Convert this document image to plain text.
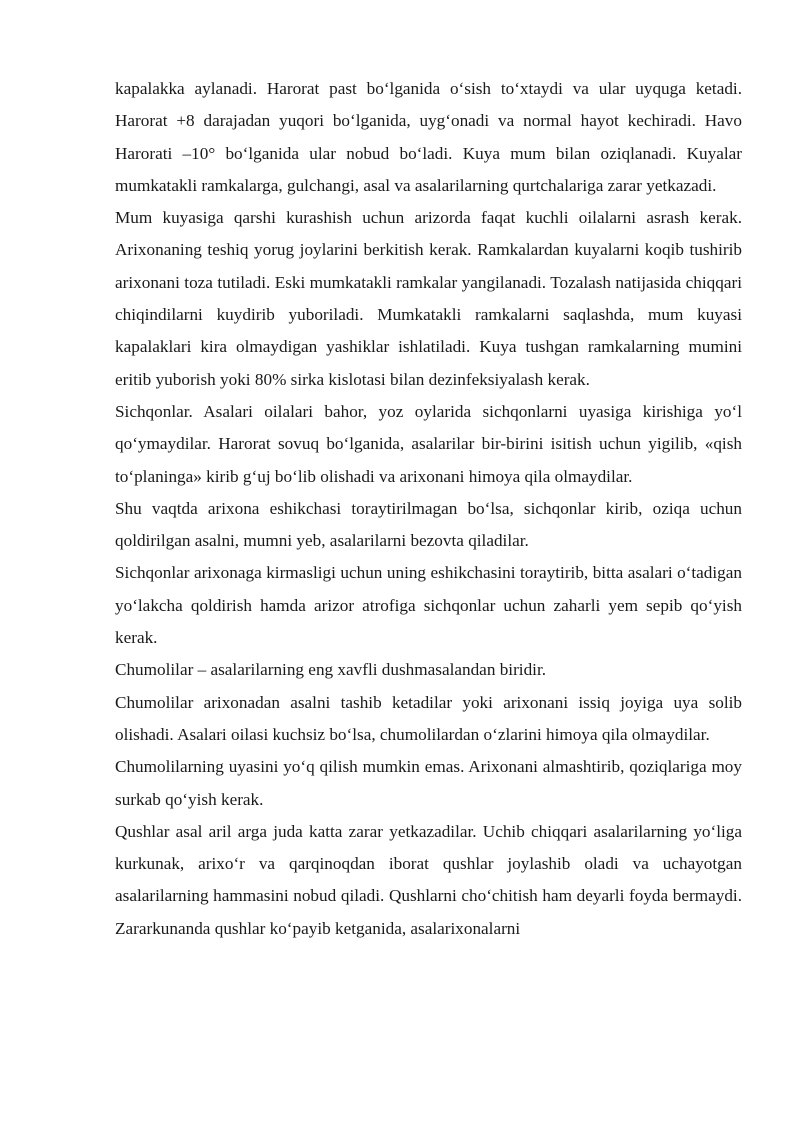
kapalakka aylanadi. Harorat past bo‘lganida o‘sish to‘xtaydi va ular uyquga ketadi. Harorat +8 darajadan yuqori bo‘lganida, uyg‘onadi va normal hayot kechiradi. Havo Harorati –10° bo‘lganida ular nobud bo‘ladi. Kuya mum bilan oziqlanadi. Kuyalar mumkatakli ramkalarga, gulchangi, asal va asalarilarning qurtchalariga zarar yetkazadi.

Mum kuyasiga qarshi kurashish uchun arizorda faqat kuchli oilalarni asrash kerak. Arixonaning teshiq yorug joylarini berkitish kerak. Ramkalardan kuyalarni koqib tushirib arixonani toza tutiladi. Eski mumkatakli ramkalar yangilanadi. Tozalash natijasida chiqqari chiqindilarni kuydirib yuboriladi. Mumkatakli ramkalarni saqlashda, mum kuyasi kapalaklari kira olmaydigan yashiklar ishlatiladi. Kuya tushgan ramkalarning mumini eritib yuborish yoki 80% sirka kislotasi bilan dezinfeksiyalash kerak.

Sichqonlar. Asalari oilalari bahor, yoz oylarida sichqonlarni uyasiga kirishiga yo‘l qo‘ymaydilar. Harorat sovuq bo‘lganida, asalarilar bir-birini isitish uchun yigilib, «qish to‘planinga» kirib g‘uj bo‘lib olishadi va arixonani himoya qila olmaydilar.

Shu vaqtda arixona eshikchasi toraytirilmagan bo‘lsa, sichqonlar kirib, oziqa uchun qoldirilgan asalni, mumni yeb, asalarilarni bezovta qiladilar.

Sichqonlar arixonaga kirmasligi uchun uning eshikchasini toraytirib, bitta asalari o‘tadigan yo‘lakcha qoldirish hamda arizor atrofiga sichqonlar uchun zaharli yem sepib qo‘yish kerak.

Chumolilar – asalarilarning eng xavfli dushmasalandan biridir.

Chumolilar arixonadan asalni tashib ketadilar yoki arixonani issiq joyiga uya solib olishadi. Asalari oilasi kuchsiz bo‘lsa, chumolilardan o‘zlarini himoya qila olmaydilar.

Chumolilarning uyasini yo‘q qilish mumkin emas. Arixonani almashtirib, qoziqlariga moy surkab qo‘yish kerak.

Qushlar asal aril arga juda katta zarar yetkazadilar. Uchib chiqqari asalarilarning yo‘liga kurkunak, arixo‘r va qarqinoqdan iborat qushlar joylashib oladi va uchayotgan asalarilarning hammasini nobud qiladi. Qushlarni cho‘chitish ham deyarli foyda bermaydi. Zararkunanda qushlar ko‘payib ketganida, asalarixonalarni
